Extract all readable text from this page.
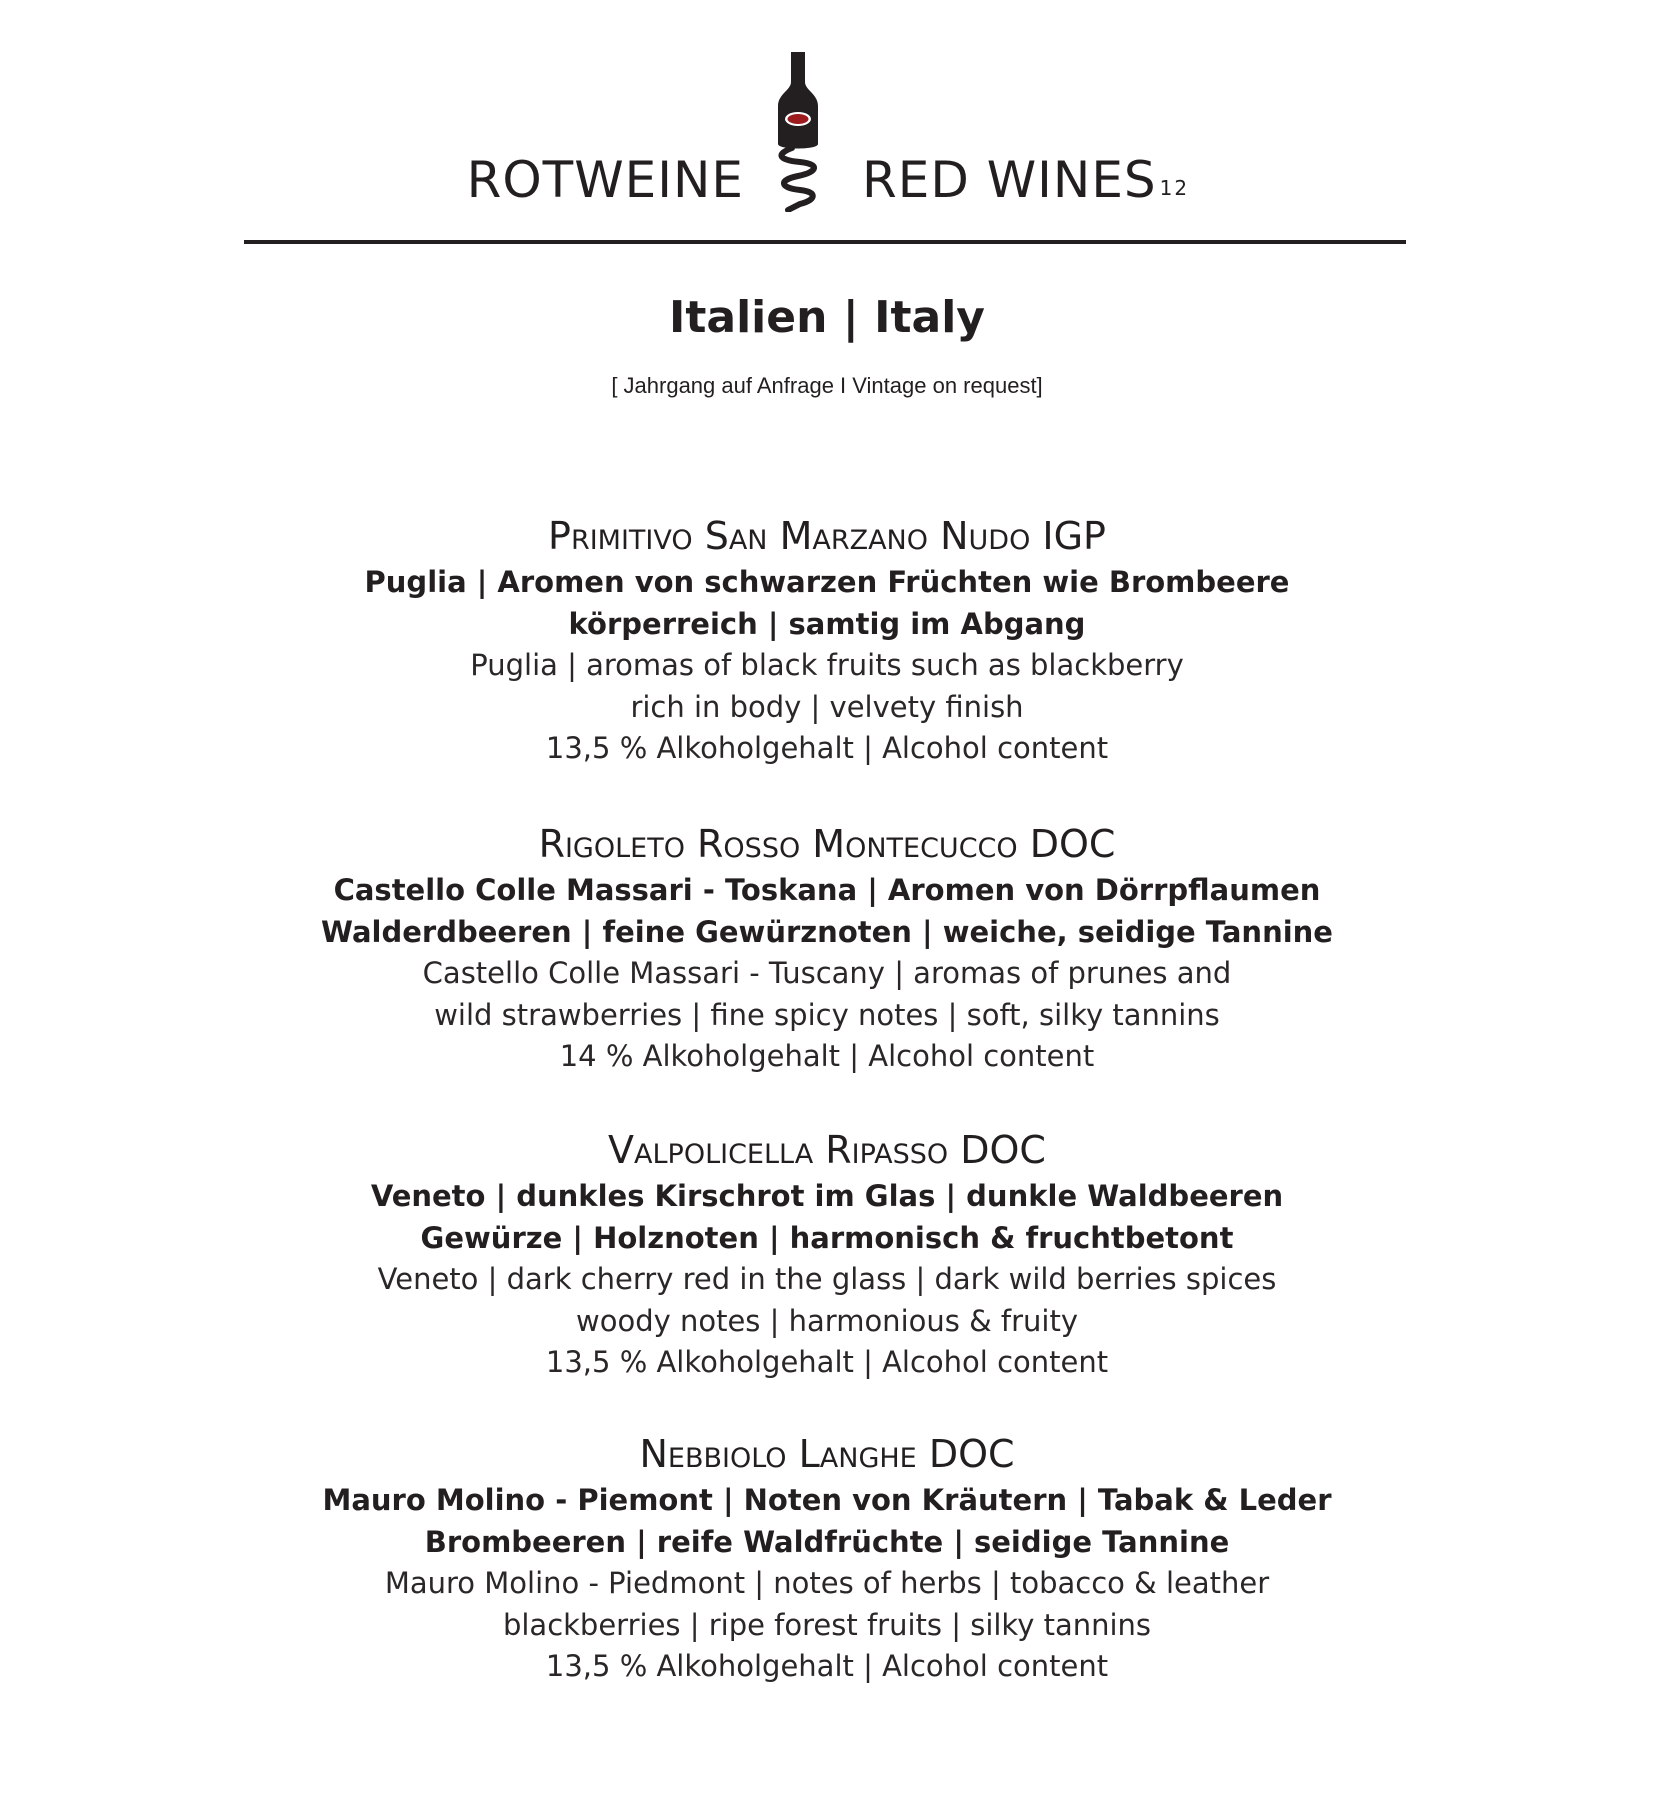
ROTWEINE RED WINES $^{12}$
Italien | Italy
[ Jahrgang auf Anfrage I Vintage on request]
Primitivo San Marzano Nudo IGP
Puglia | Aromen von schwarzen Früchten wie Brombeere
körperreich | samtig im Abgang
Puglia | aromas of black fruits such as blackberry
rich in body | velvety finish
13,5 % Alkoholgehalt | Alcohol content
Rigoleto Rosso Montecucco DOC
Castello Colle Massari - Toskana | Aromen von Dörrpflaumen
Walderdbeeren | feine Gewürznoten | weiche, seidige Tannine
Castello Colle Massari - Tuscany | aromas of prunes and
wild strawberries | fine spicy notes | soft, silky tannins
14 % Alkoholgehalt | Alcohol content
Valpolicella Ripasso DOC
Veneto | dunkles Kirschrot im Glas | dunkle Waldbeeren
Gewürze | Holznoten | harmonisch & fruchtbetont
Veneto | dark cherry red in the glass | dark wild berries spices
woody notes | harmonious & fruity
13,5 % Alkoholgehalt | Alcohol content
Nebbiolo Langhe DOC
Mauro Molino - Piemont | Noten von Kräutern | Tabak & Leder
Brombeeren | reife Waldfrüchte | seidige Tannine
Mauro Molino - Piedmont | notes of herbs | tobacco & leather
blackberries | ripe forest fruits | silky tannins
13,5 % Alkoholgehalt | Alcohol content
